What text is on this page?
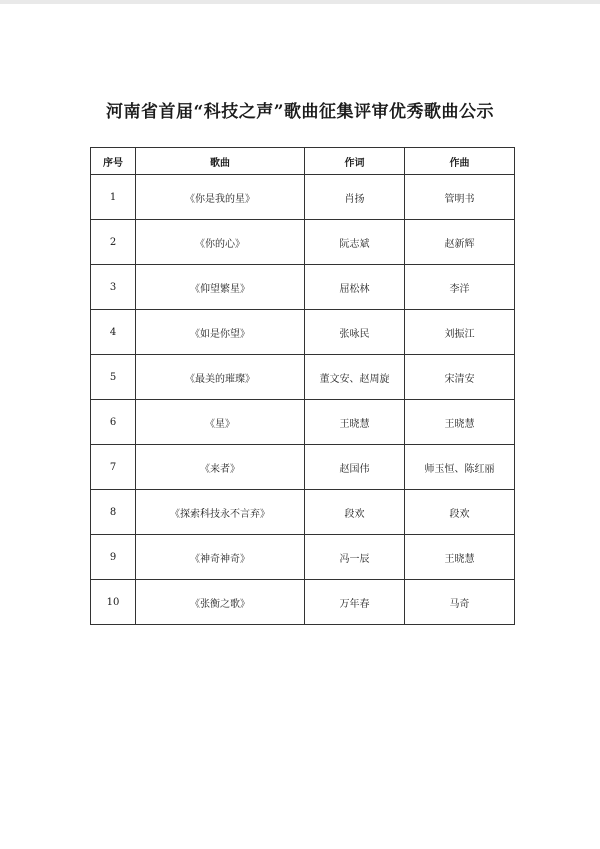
河南省首届“科技之声”歌曲征集评审优秀歌曲公示
序号	歌曲	作词	作曲
1	《你是我的星》	肖扬	管明书
2	《你的心》	阮志斌	赵新辉
3	《仰望繁星》	屈松林	李洋
4	《如是你望》	张咏民	刘振江
5	《最美的璀璨》	董文安、赵周旋	宋清安
6	《星》	王晓慧	王晓慧
7	《来者》	赵国伟	师玉恒、陈红丽
8	《探索科技永不言弃》	段欢	段欢
9	《神奇神奇》	冯一辰	王晓慧
10	《张衡之歌》	万年春	马奇
